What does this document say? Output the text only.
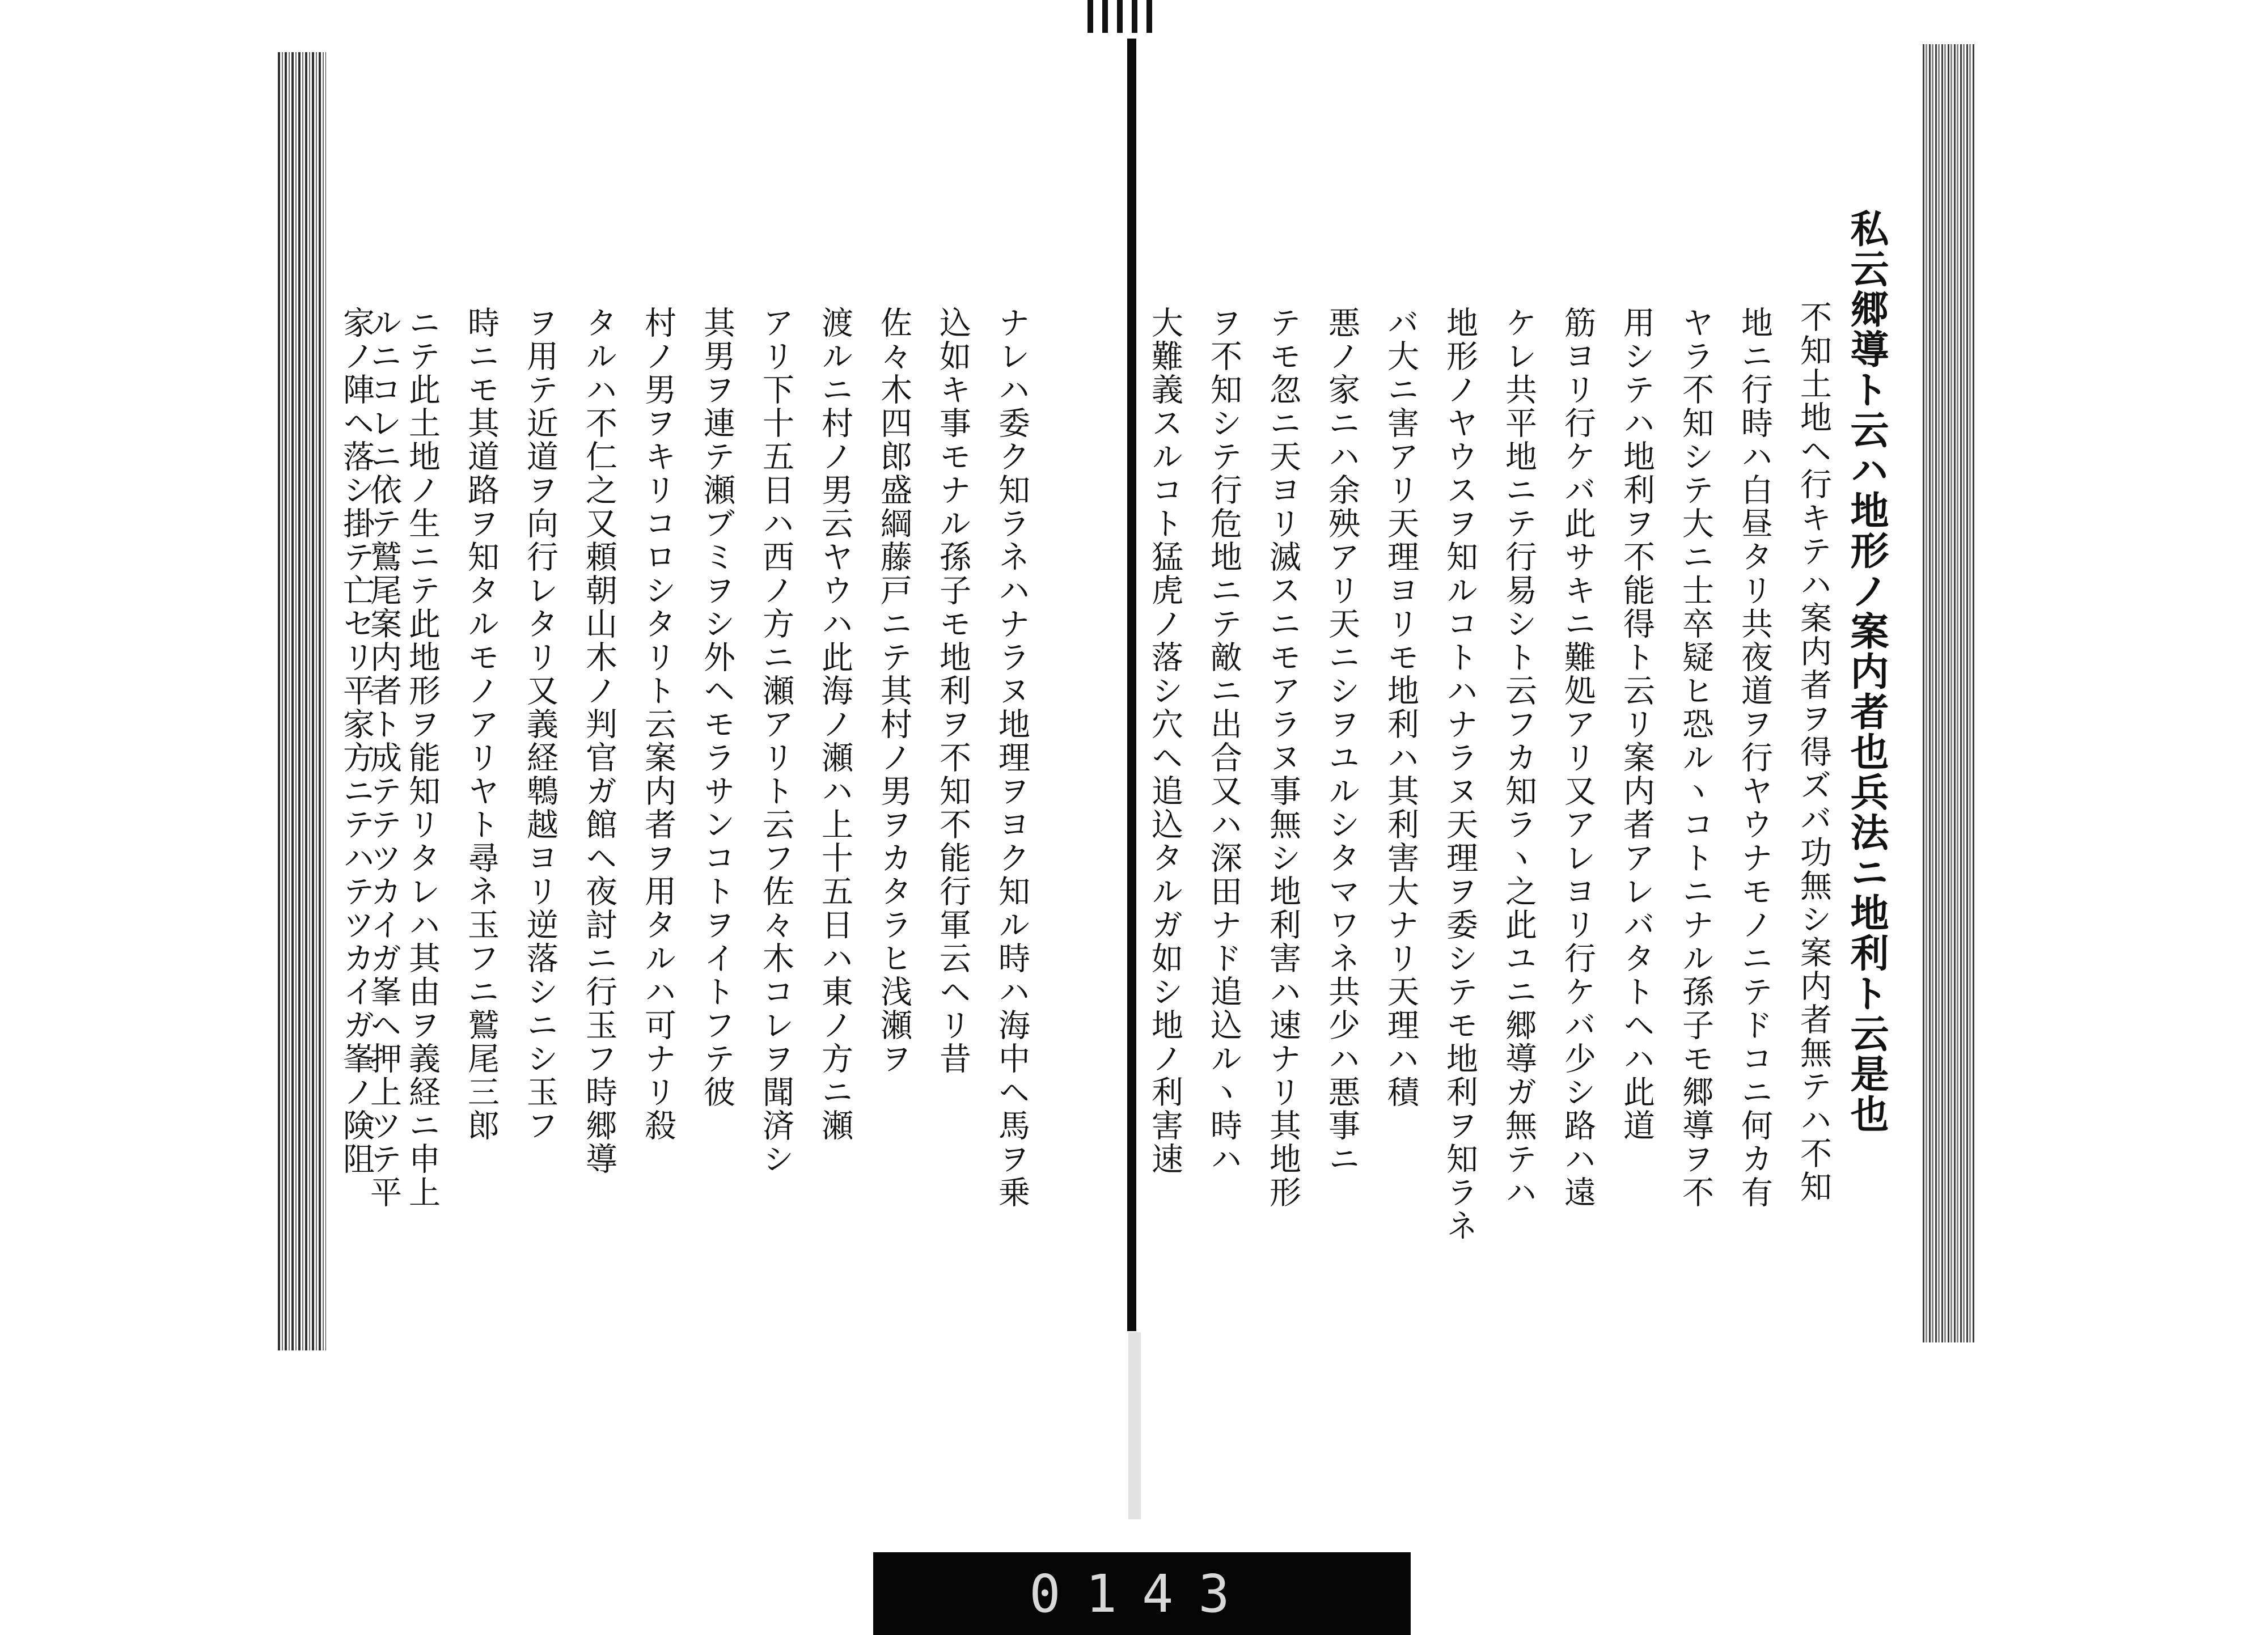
私云郷導ト云ハ地形ノ案内者也兵法ニ地利ト云是也
不知土地ヘ行キテハ案内者ヲ得ズバ功無シ案内者無テハ不知
地ニ行時ハ白昼タリ共夜道ヲ行ヤウナモノニテドコニ何カ有
ヤラ不知シテ大ニ士卒疑ヒ恐ルヽコトニナル孫子モ郷導ヲ不
用シテハ地利ヲ不能得ト云リ案内者アレバタトヘハ此道
筋ヨリ行ケバ此サキニ難処アリ又アレヨリ行ケバ少シ路ハ遠
ケレ共平地ニテ行易シト云フカ知ラヽ之此ユニ郷導ガ無テハ
地形ノヤウスヲ知ルコトハナラヌ天理ヲ委シテモ地利ヲ知ラネ
バ大ニ害アリ天理ヨリモ地利ハ其利害大ナリ天理ハ積
悪ノ家ニハ余殃アリ天ニシヲユルシタマワネ共少ハ悪事ニ
テモ忽ニ天ヨリ滅スニモアラヌ事無シ地利害ハ速ナリ其地形
ヲ不知シテ行危地ニテ敵ニ出合又ハ深田ナド追込ルヽ時ハ
大難義スルコト猛虎ノ落シ穴ヘ追込タルガ如シ地ノ利害速
ナレハ委ク知ラネハナラヌ地理ヲヨク知ル時ハ海中ヘ馬ヲ乗
込如キ事モナル孫子モ地利ヲ不知不能行軍云ヘリ昔
佐々木四郎盛綱藤戸ニテ其村ノ男ヲカタラヒ浅瀬ヲ
渡ルニ村ノ男云ヤウハ此海ノ瀬ハ上十五日ハ東ノ方ニ瀬
アリ下十五日ハ西ノ方ニ瀬アリト云フ佐々木コレヲ聞済シ
其男ヲ連テ瀬ブミヲシ外ヘモラサンコトヲイトフテ彼
村ノ男ヲキリコロシタリト云案内者ヲ用タルハ可ナリ殺
タルハ不仁之又頼朝山木ノ判官ガ館ヘ夜討ニ行玉フ時郷導
ヲ用テ近道ヲ向行レタリ又義経鵯越ヨリ逆落シニシ玉フ
時ニモ其道路ヲ知タルモノアリヤト尋ネ玉フニ鷲尾三郎
ニテ此土地ノ生ニテ此地形ヲ能知リタレハ其由ヲ義経ニ申上
ルニコレニ依テ鷲尾案内者ト成テテツカイガ峯ヘ押上ツテ平
家ノ陣ヘ落シ掛テ亡セリ平家方ニテハテツカイガ峯ノ険阻
0143
